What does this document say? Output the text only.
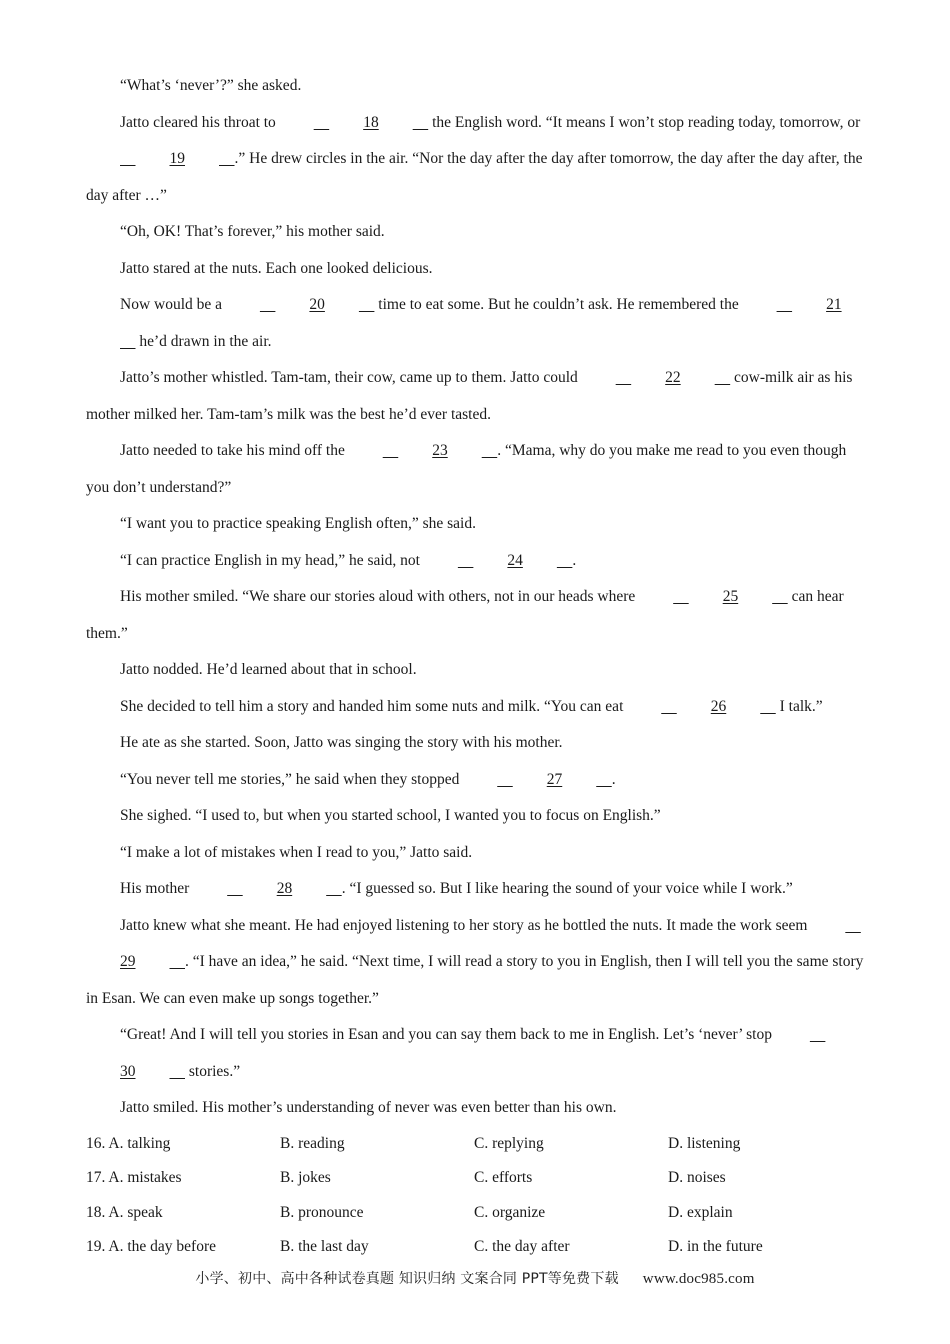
“What’s ‘never’?” she asked.

Jatto cleared his throat to	18	the English word. “It means I won’t stop reading today, tomorrow, or     19	.” He drew circles in the air. “Nor the day after the day after tomorrow, the day after the day after, the day after …”

“Oh, OK! That’s forever,” his mother said.

Jatto stared at the nuts. Each one looked delicious.

Now would be a	20	time to eat some. But he couldn’t ask. He remembered the	21     he’d drawn in the air.

Jatto’s mother whistled. Tam-tam, their cow, came up to them. Jatto could	22	cow-milk air as his mother milked her. Tam-tam’s milk was the best he’d ever tasted.

Jatto needed to take his mind off the	23	. “Mama, why do you make me read to you even though you don’t understand?”

“I want you to practice speaking English often,” she said.

“I can practice English in my head,” he said, not	24	.

His mother smiled. “We share our stories aloud with others, not in our heads where	25	can hear them.”

Jatto nodded. He’d learned about that in school.

She decided to tell him a story and handed him some nuts and milk. “You can eat	26	I talk.”

He ate as she started. Soon, Jatto was singing the story with his mother.

“You never tell me stories,” he said when they stopped	27	.

She sighed. “I used to, but when you started school, I wanted you to focus on English.”

“I make a lot of mistakes when I read to you,” Jatto said.

His mother	28	. “I guessed so. But I like hearing the sound of your voice while I work.”

Jatto knew what she meant. He had enjoyed listening to her story as he bottled the nuts. It made the work seem     29	. “I have an idea,” he said. “Next time, I will read a story to you in English, then I will tell you the same story in Esan. We can even make up songs together.”

“Great! And I will tell you stories in Esan and you can say them back to me in English. Let’s ‘never’ stop     30	stories.”

Jatto smiled. His mother’s understanding of never was even better than his own.

16. A. talking	B. reading	C. replying	D. listening
17. A. mistakes	B. jokes	C. efforts	D. noises
18. A. speak	B. pronounce	C. organize	D. explain
19. A. the day before	B. the last day	C. the day after	D. in the future
小学、初中、高中各种试卷真题 知识归纳 文案合同 PPT等免费下载 www.doc985.com
